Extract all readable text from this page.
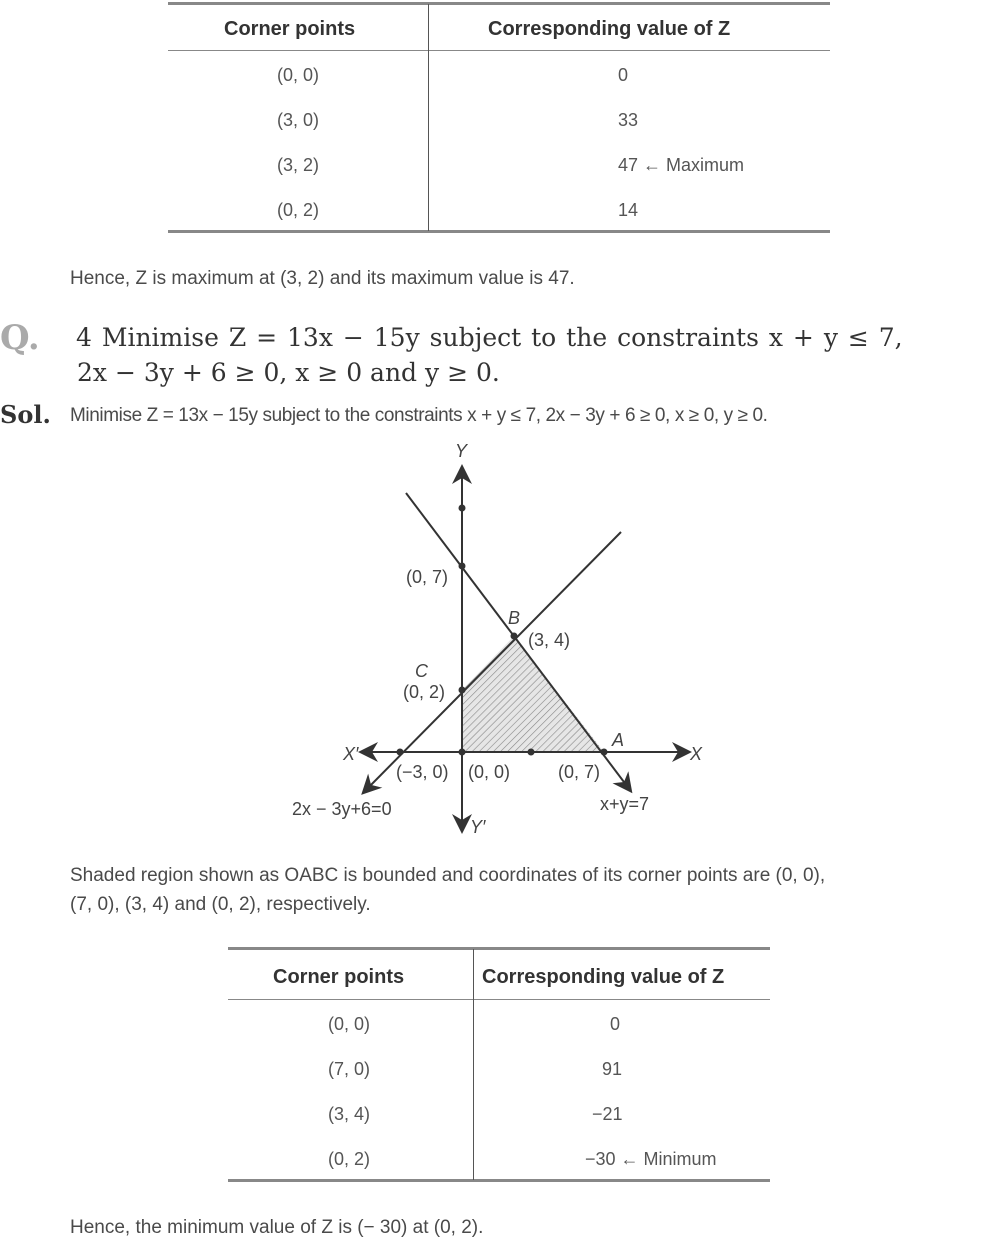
Corner points	Corresponding value of Z
(0, 0)	0
(3, 0)	33
(3, 2)	47 ← Maximum
(0, 2)	14
Hence, Z is maximum at (3, 2) and its maximum value is 47.
Q. 4 Minimise Z = 13x − 15y subject to the constraints x + y ≤ 7,
2x − 3y + 6 ≥ 0, x ≥ 0 and y ≥ 0.
Sol. Minimise Z = 13x − 15y subject to the constraints x + y ≤ 7, 2x − 3y + 6 ≥ 0, x ≥ 0, y ≥ 0.
Y
Y′
X
X′
(0, 7)
B
(3, 4)
C
(0, 2)
A
(−3, 0) (0, 0)	(0, 7)
2x − 3y+6=0	x+y=7
Shaded region shown as OABC is bounded and coordinates of its corner points are (0, 0),
(7, 0), (3, 4) and (0, 2), respectively.
Corner points	Corresponding value of Z
(0, 0)	0
(7, 0)	91
(3, 4)	−21
(0, 2)	−30 ← Minimum
Hence, the minimum value of Z is (− 30) at (0, 2).
